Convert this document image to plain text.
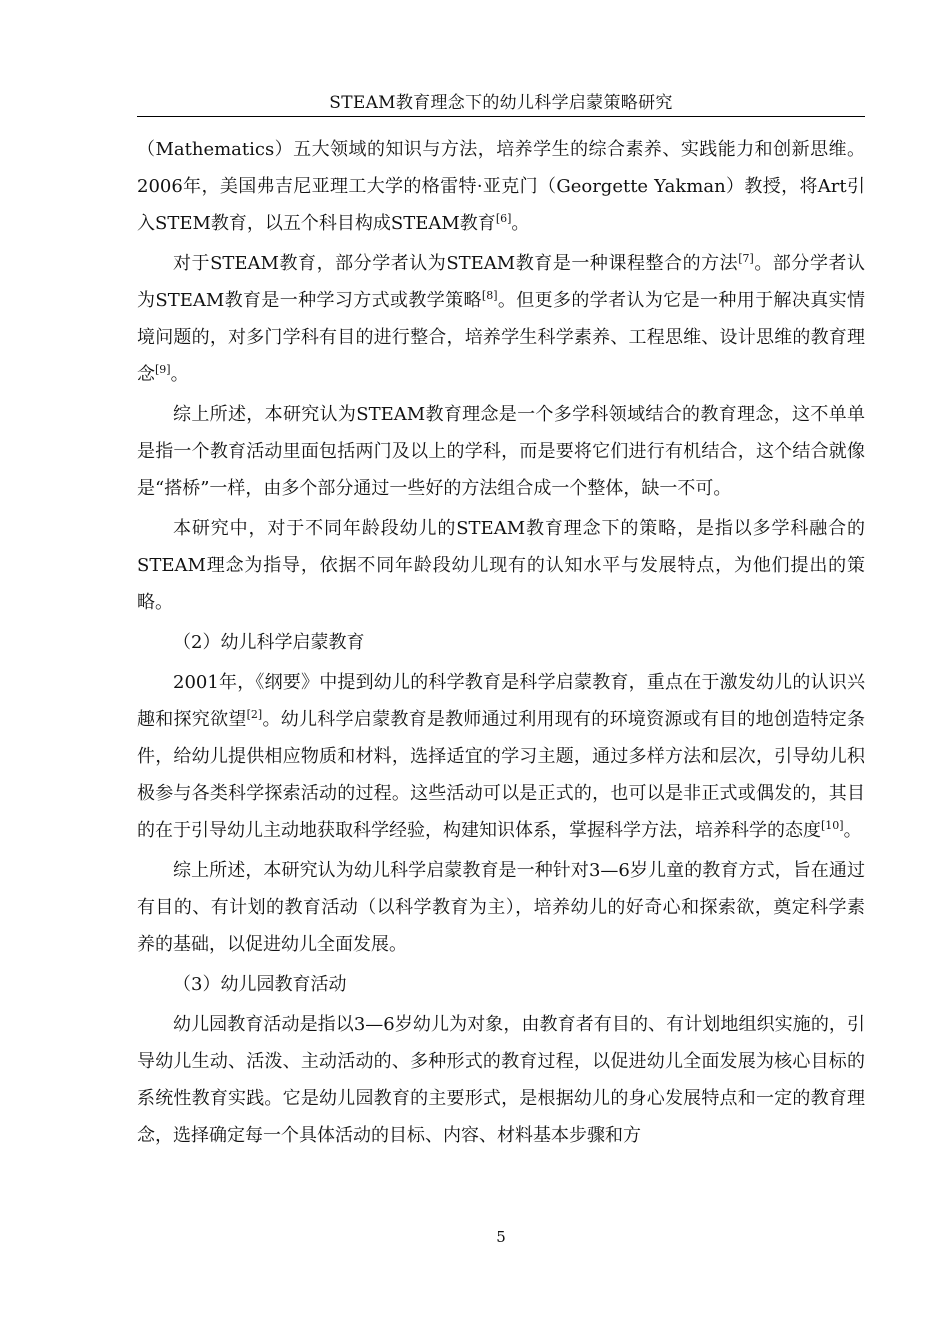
STEAM教育理念下的幼儿科学启蒙策略研究

（Mathematics）五大领域的知识与方法，培养学生的综合素养、实践能力和创新思维。2006年，美国弗吉尼亚理工大学的格雷特·亚克门（Georgette Yakman）教授，将Art引入STEM教育，以五个科目构成STEAM教育[6]。

对于STEAM教育，部分学者认为STEAM教育是一种课程整合的方法[7]。部分学者认为STEAM教育是一种学习方式或教学策略[8]。但更多的学者认为它是一种用于解决真实情境问题的，对多门学科有目的进行整合，培养学生科学素养、工程思维、设计思维的教育理念[9]。

综上所述，本研究认为STEAM教育理念是一个多学科领域结合的教育理念，这不单单是指一个教育活动里面包括两门及以上的学科，而是要将它们进行有机结合，这个结合就像是“搭桥”一样，由多个部分通过一些好的方法组合成一个整体，缺一不可。

本研究中，对于不同年龄段幼儿的STEAM教育理念下的策略，是指以多学科融合的STEAM理念为指导，依据不同年龄段幼儿现有的认知水平与发展特点，为他们提出的策略。

（2）幼儿科学启蒙教育

2001年，《纲要》中提到幼儿的科学教育是科学启蒙教育，重点在于激发幼儿的认识兴趣和探究欲望[2]。幼儿科学启蒙教育是教师通过利用现有的环境资源或有目的地创造特定条件，给幼儿提供相应物质和材料，选择适宜的学习主题，通过多样方法和层次，引导幼儿积极参与各类科学探索活动的过程。这些活动可以是正式的，也可以是非正式或偶发的，其目的在于引导幼儿主动地获取科学经验，构建知识体系，掌握科学方法，培养科学的态度[10]。

综上所述，本研究认为幼儿科学启蒙教育是一种针对3—6岁儿童的教育方式，旨在通过有目的、有计划的教育活动（以科学教育为主），培养幼儿的好奇心和探索欲，奠定科学素养的基础，以促进幼儿全面发展。

（3）幼儿园教育活动

幼儿园教育活动是指以3—6岁幼儿为对象，由教育者有目的、有计划地组织实施的，引导幼儿生动、活泼、主动活动的、多种形式的教育过程，以促进幼儿全面发展为核心目标的系统性教育实践。它是幼儿园教育的主要形式，是根据幼儿的身心发展特点和一定的教育理念，选择确定每一个具体活动的目标、内容、材料基本步骤和方

5
